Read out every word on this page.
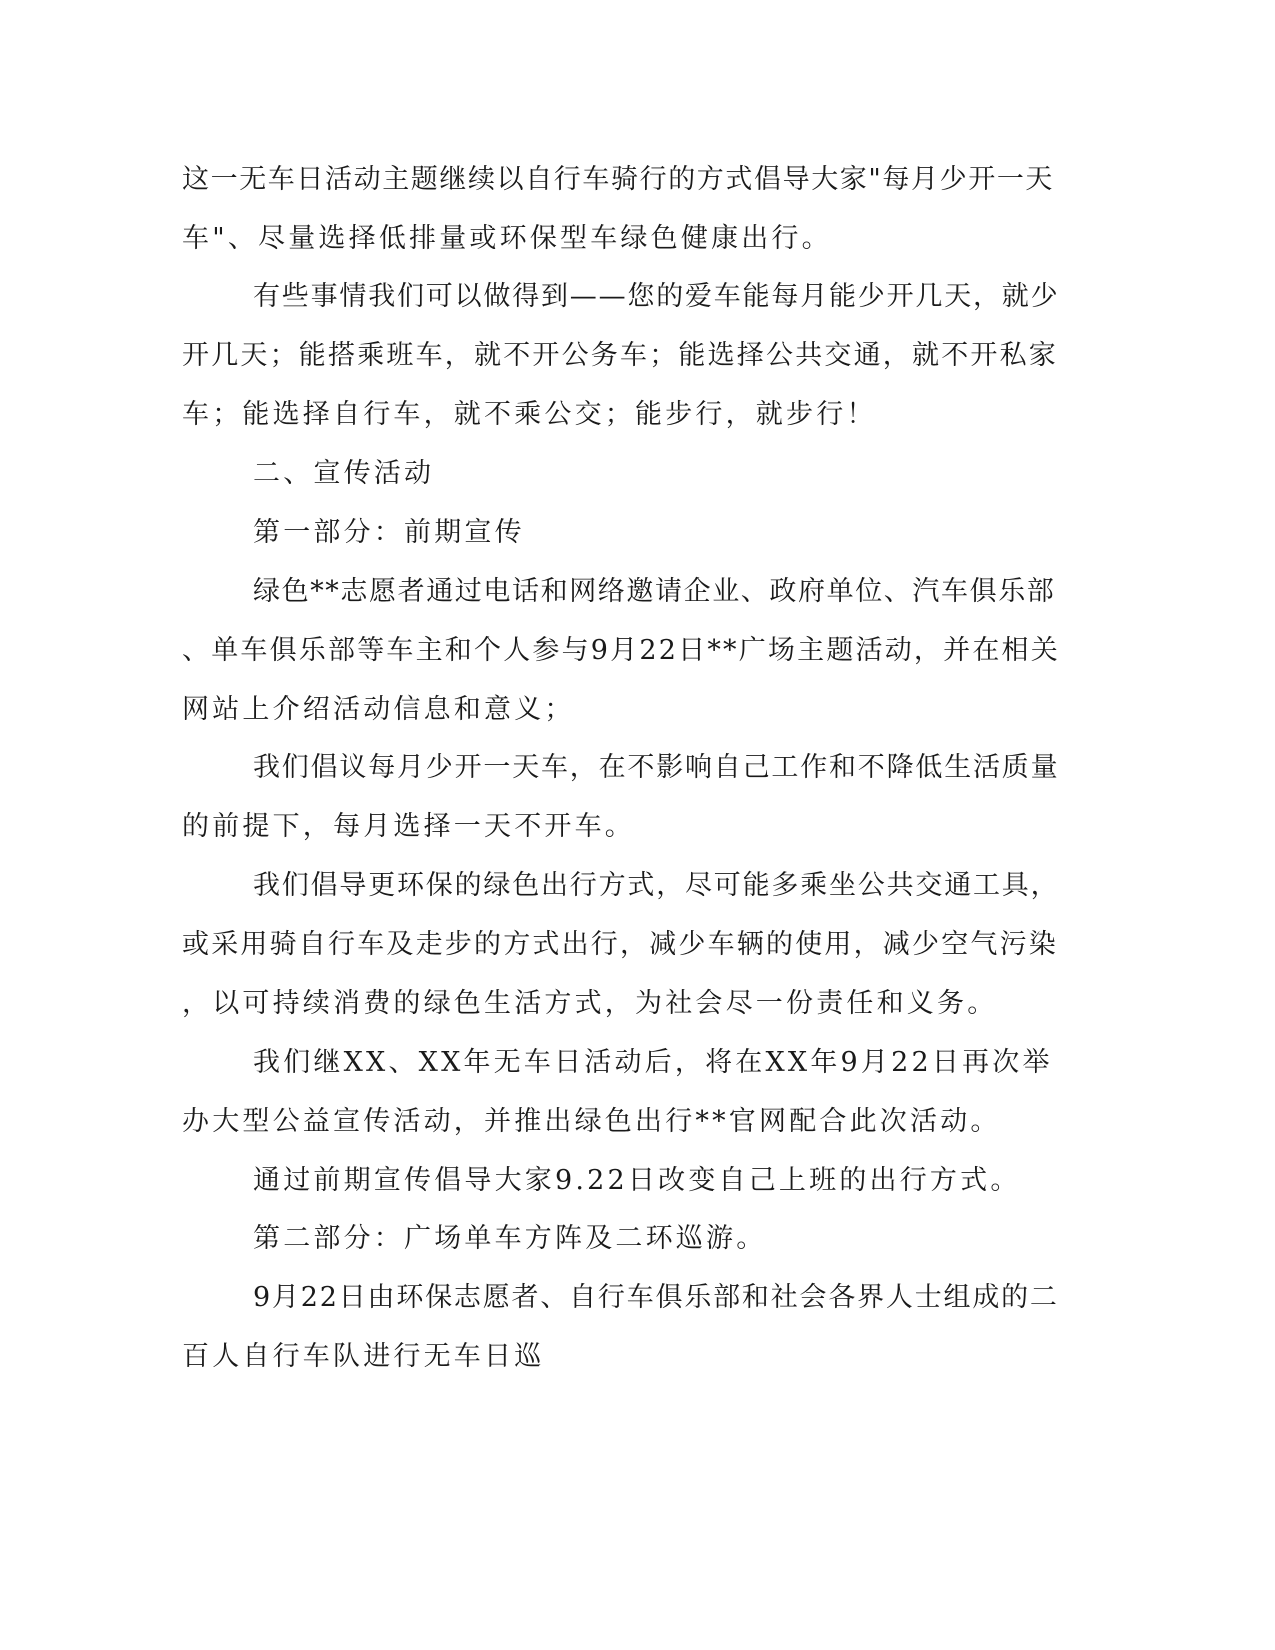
这一无车日活动主题继续以自行车骑行的方式倡导大家"每月少开一天
车"、尽量选择低排量或环保型车绿色健康出行。
有些事情我们可以做得到——您的爱车能每月能少开几天，就少
开几天；能搭乘班车，就不开公务车；能选择公共交通，就不开私家
车；能选择自行车，就不乘公交；能步行，就步行！
二、宣传活动
第一部分：前期宣传
绿色**志愿者通过电话和网络邀请企业、政府单位、汽车俱乐部
、单车俱乐部等车主和个人参与9月22日**广场主题活动，并在相关
网站上介绍活动信息和意义；
我们倡议每月少开一天车，在不影响自己工作和不降低生活质量
的前提下，每月选择一天不开车。
我们倡导更环保的绿色出行方式，尽可能多乘坐公共交通工具，
或采用骑自行车及走步的方式出行，减少车辆的使用，减少空气污染
，以可持续消费的绿色生活方式，为社会尽一份责任和义务。
我们继XX、XX年无车日活动后，将在XX年9月22日再次举
办大型公益宣传活动，并推出绿色出行**官网配合此次活动。
通过前期宣传倡导大家9.22日改变自己上班的出行方式。
第二部分：广场单车方阵及二环巡游。
9月22日由环保志愿者、自行车俱乐部和社会各界人士组成的二
百人自行车队进行无车日巡
